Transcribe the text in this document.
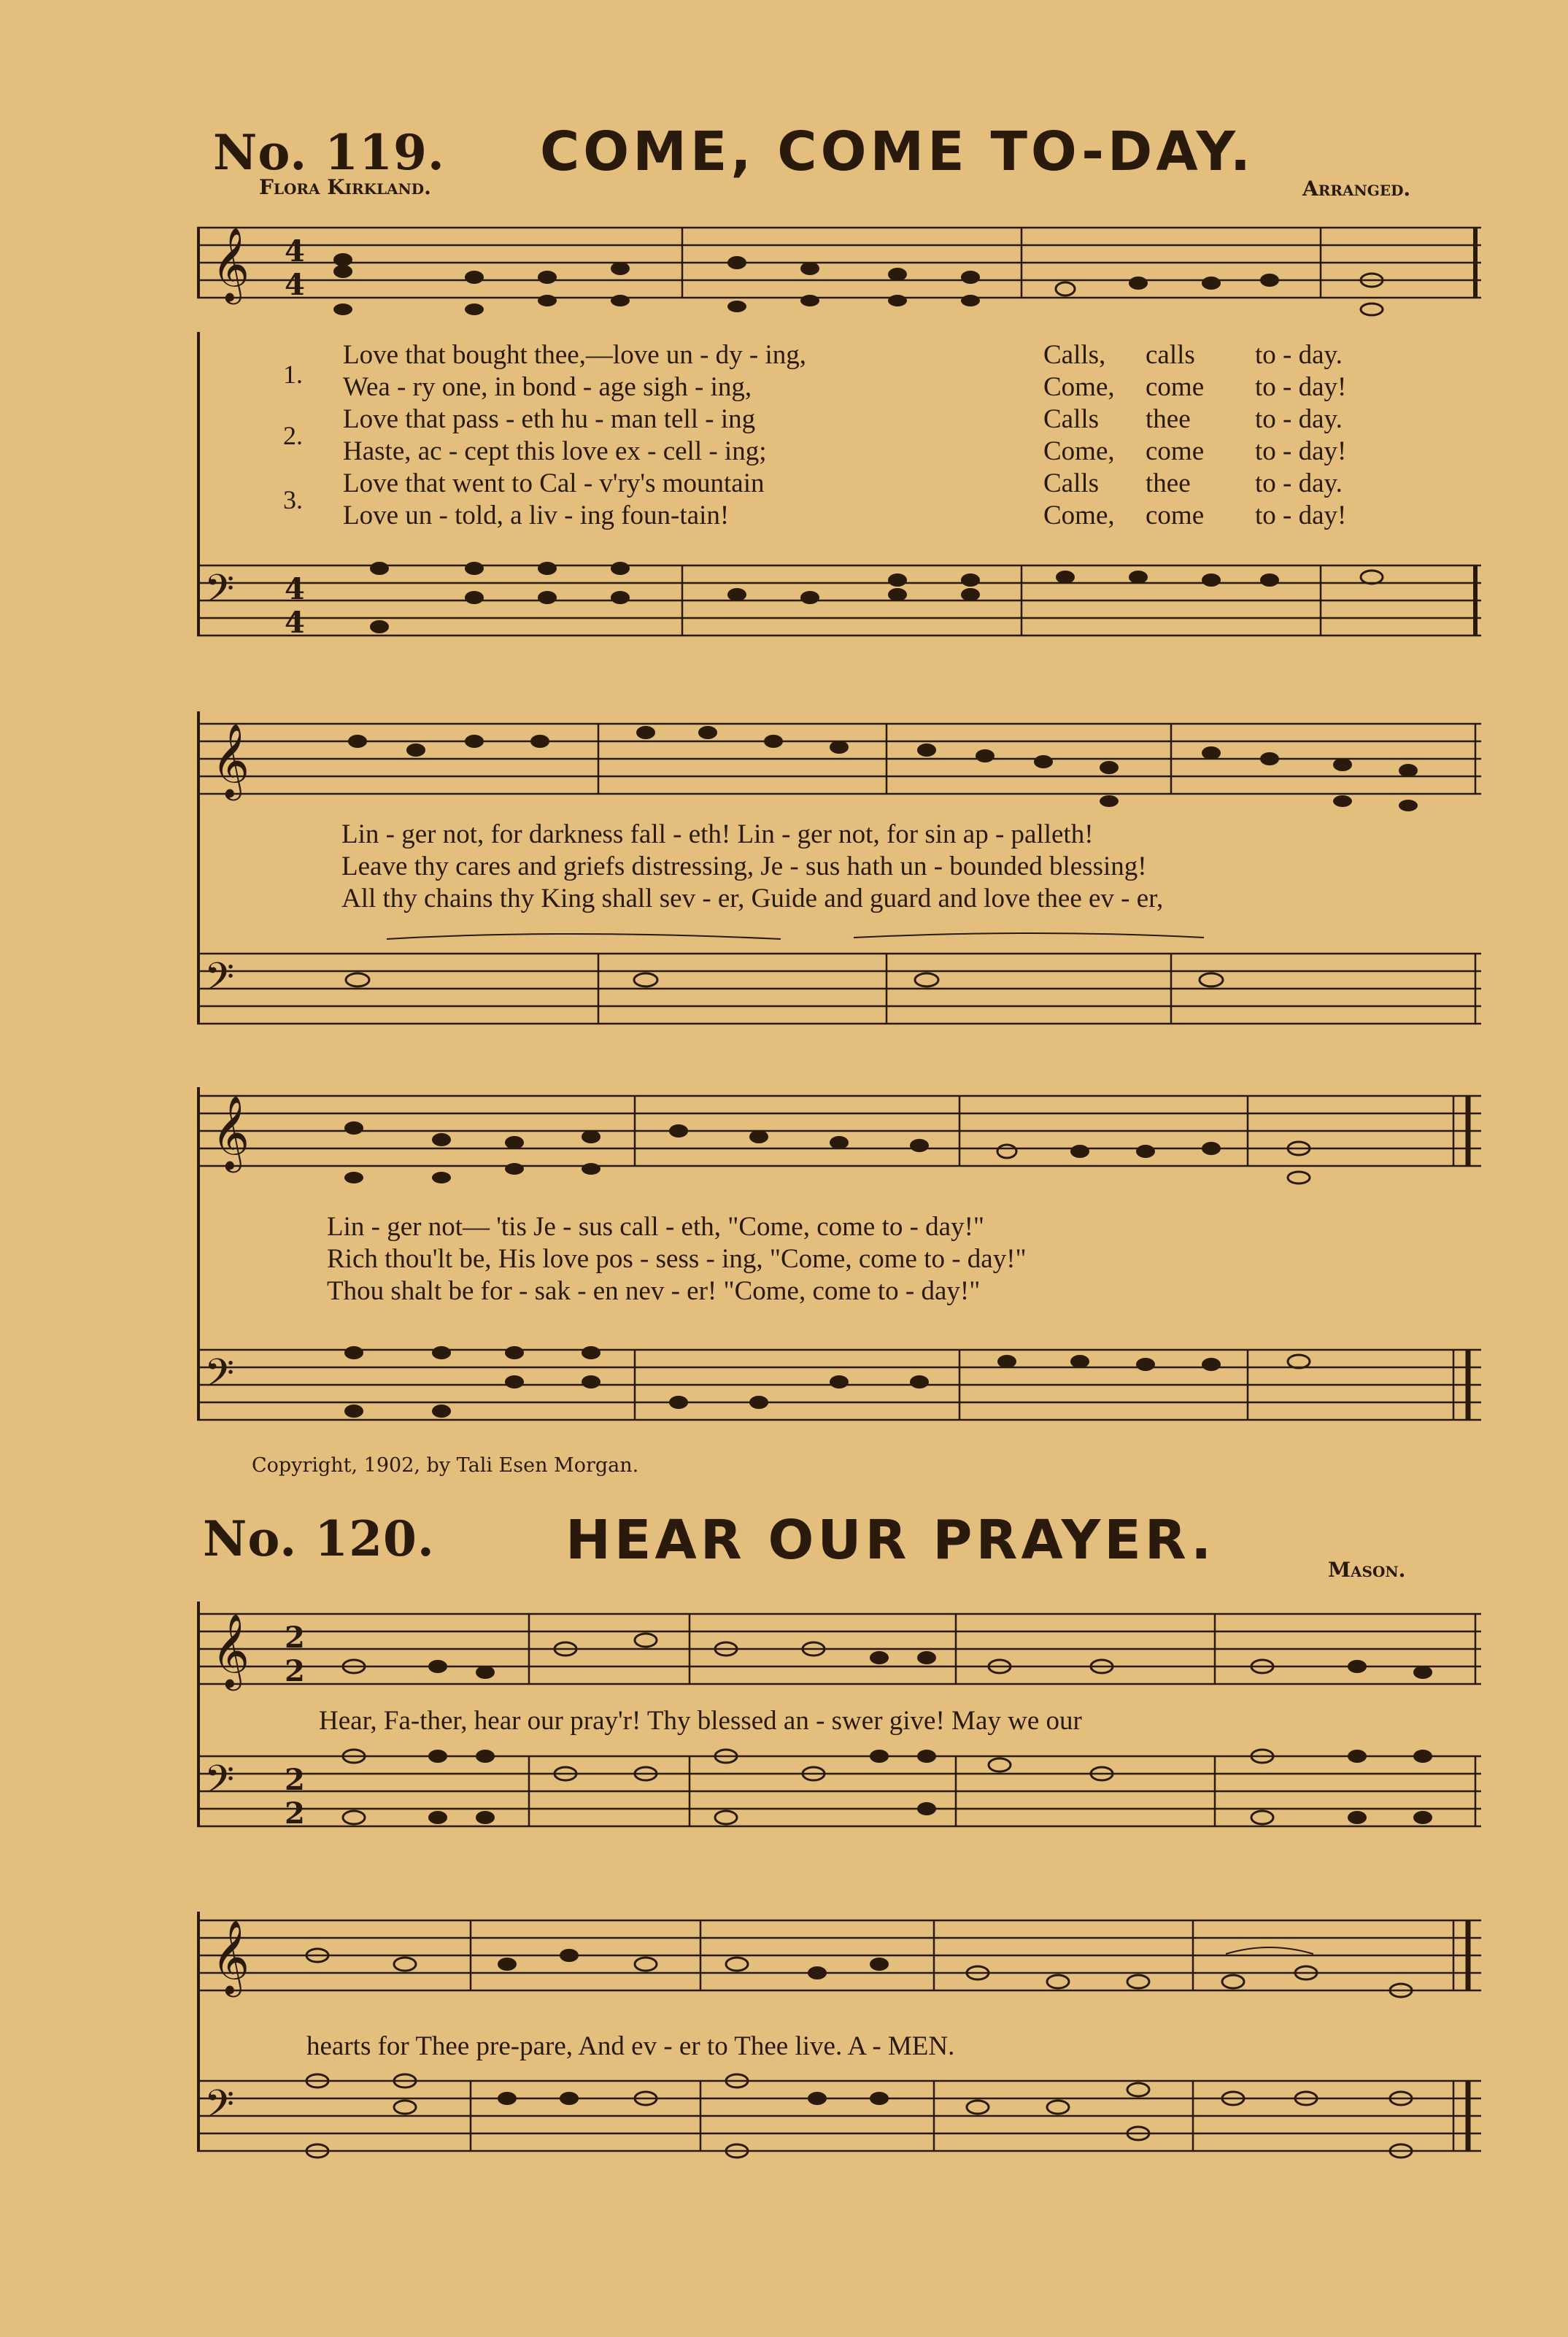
No. 119. COME, COME TO-DAY.
Flora Kirkland.	Arranged.
𝄞 4
4
1.
2.
3.
Love that bought thee,—love un - dy - ing,	Calls, calls to - day.
Wea - ry one, in bond - age sigh - ing,	Come, come to - day!
Love that pass - eth hu - man tell - ing	Calls thee to - day.
Haste, ac - cept this love ex - cell - ing;	Come, come to - day!
Love that went to Cal - v'ry's mountain	Calls thee to - day.
Love un - told, a liv - ing foun-tain!	Come, come to - day!
𝄢 4
4
𝄞
Lin - ger not, for darkness fall - eth! Lin - ger not, for sin ap - palleth!
Leave thy cares and griefs distressing, Je - sus hath un - bounded blessing!
All thy chains thy King shall sev - er, Guide and guard and love thee ev - er,
𝄢
𝄞
Lin - ger not— 'tis Je - sus call - eth, "Come, come to - day!"
Rich thou'lt be, His love pos - sess - ing, "Come, come to - day!"
Thou shalt be for - sak - en nev - er! "Come, come to - day!"
𝄢
Copyright, 1902, by Tali Esen Morgan.
No. 120. HEAR OUR PRAYER.	Mason.
𝄞 2
2
Hear, Fa-ther, hear our pray'r! Thy blessed an - swer give! May we our
𝄢 2
2
𝄞
hearts for Thee pre-pare, And ev - er to Thee live. A - MEN.
𝄢
